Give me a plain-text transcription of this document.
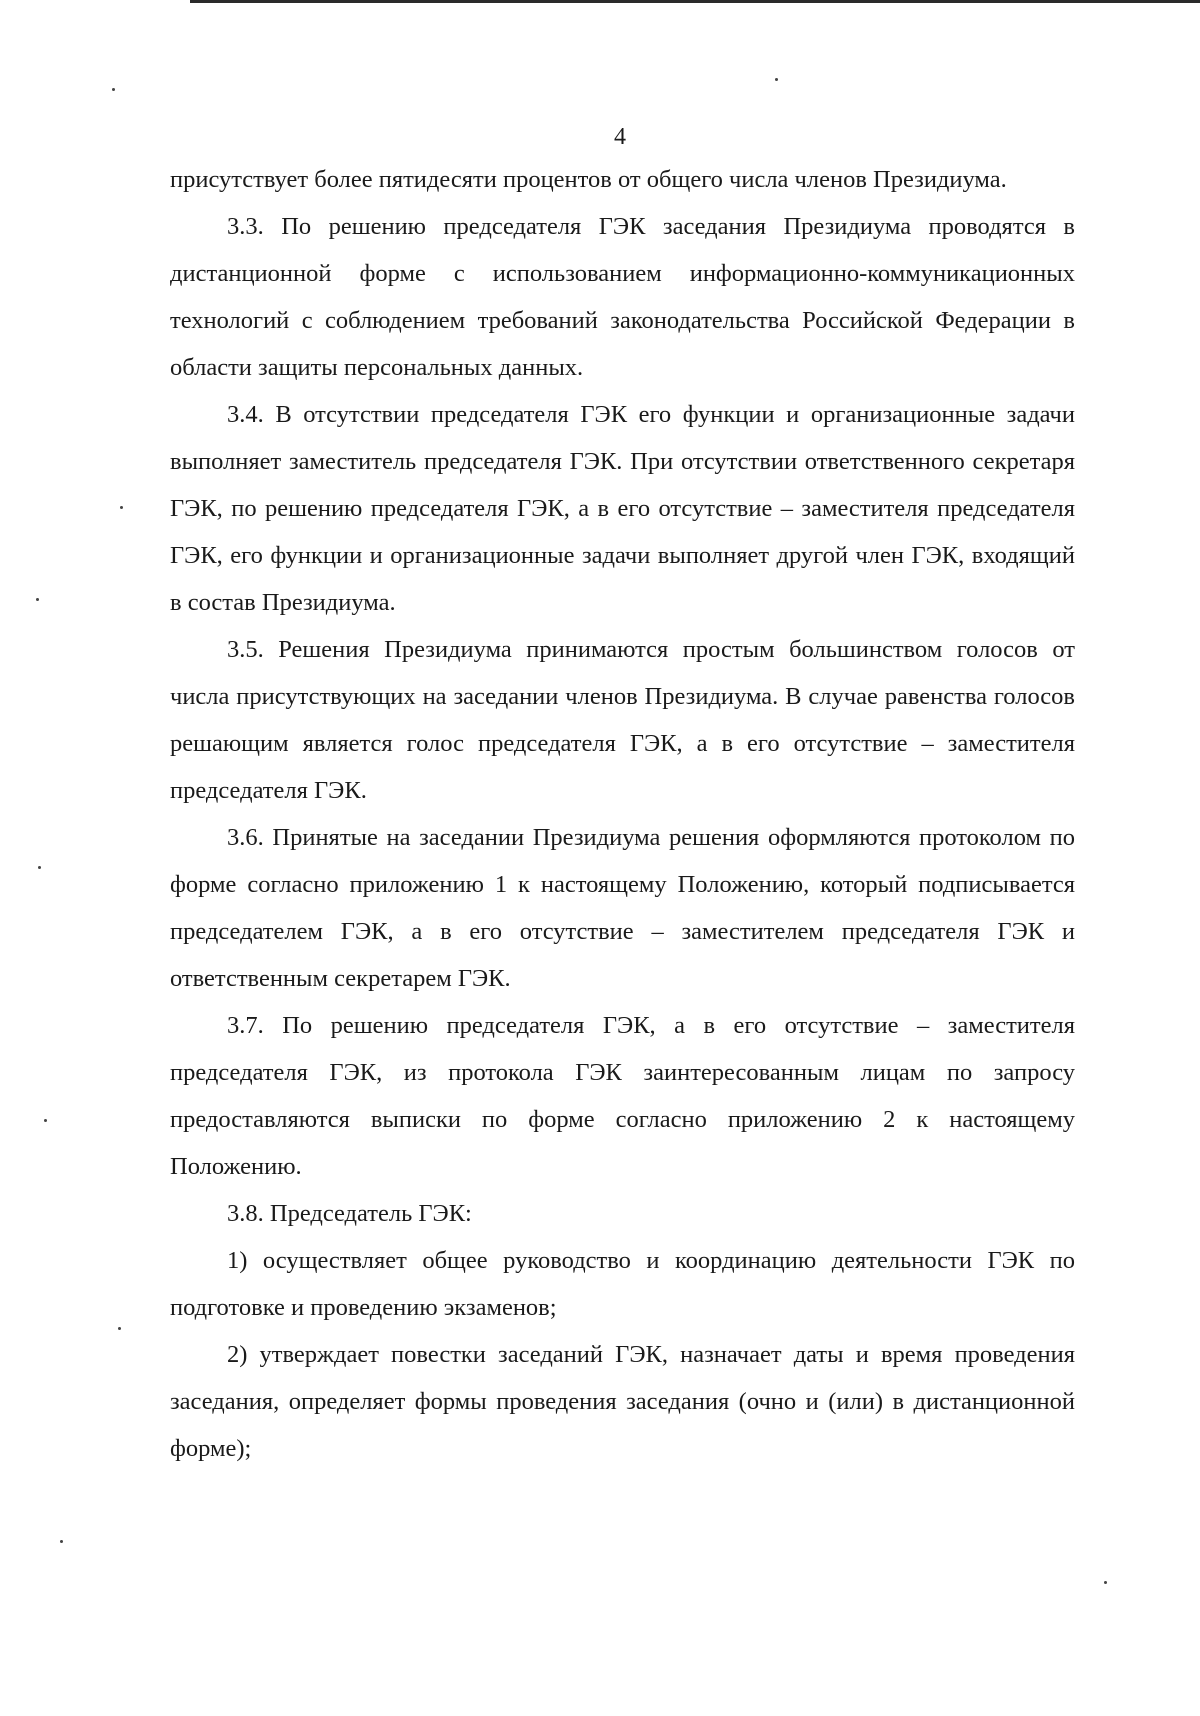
4

присутствует более пятидесяти процентов от общего числа членов Президиума.

3.3. По решению председателя ГЭК заседания Президиума проводятся в дистанционной форме с использованием информационно-коммуникационных технологий с соблюдением требований законодательства Российской Федерации в области защиты персональных данных.

3.4. В отсутствии председателя ГЭК его функции и организационные задачи выполняет заместитель председателя ГЭК. При отсутствии ответственного секретаря ГЭК, по решению председателя ГЭК, а в его отсутствие – заместителя председателя ГЭК, его функции и организационные задачи выполняет другой член ГЭК, входящий в состав Президиума.

3.5. Решения Президиума принимаются простым большинством голосов от числа присутствующих на заседании членов Президиума. В случае равенства голосов решающим является голос председателя ГЭК, а в его отсутствие – заместителя председателя ГЭК.

3.6. Принятые на заседании Президиума решения оформляются протоколом по форме согласно приложению 1 к настоящему Положению, который подписывается председателем ГЭК, а в его отсутствие – заместителем председателя ГЭК и ответственным секретарем ГЭК.

3.7. По решению председателя ГЭК, а в его отсутствие – заместителя председателя ГЭК, из протокола ГЭК заинтересованным лицам по запросу предоставляются выписки по форме согласно приложению 2 к настоящему Положению.

3.8. Председатель ГЭК:

1) осуществляет общее руководство и координацию деятельности ГЭК по подготовке и проведению экзаменов;

2) утверждает повестки заседаний ГЭК, назначает даты и время проведения заседания, определяет формы проведения заседания (очно и (или) в дистанционной форме);
